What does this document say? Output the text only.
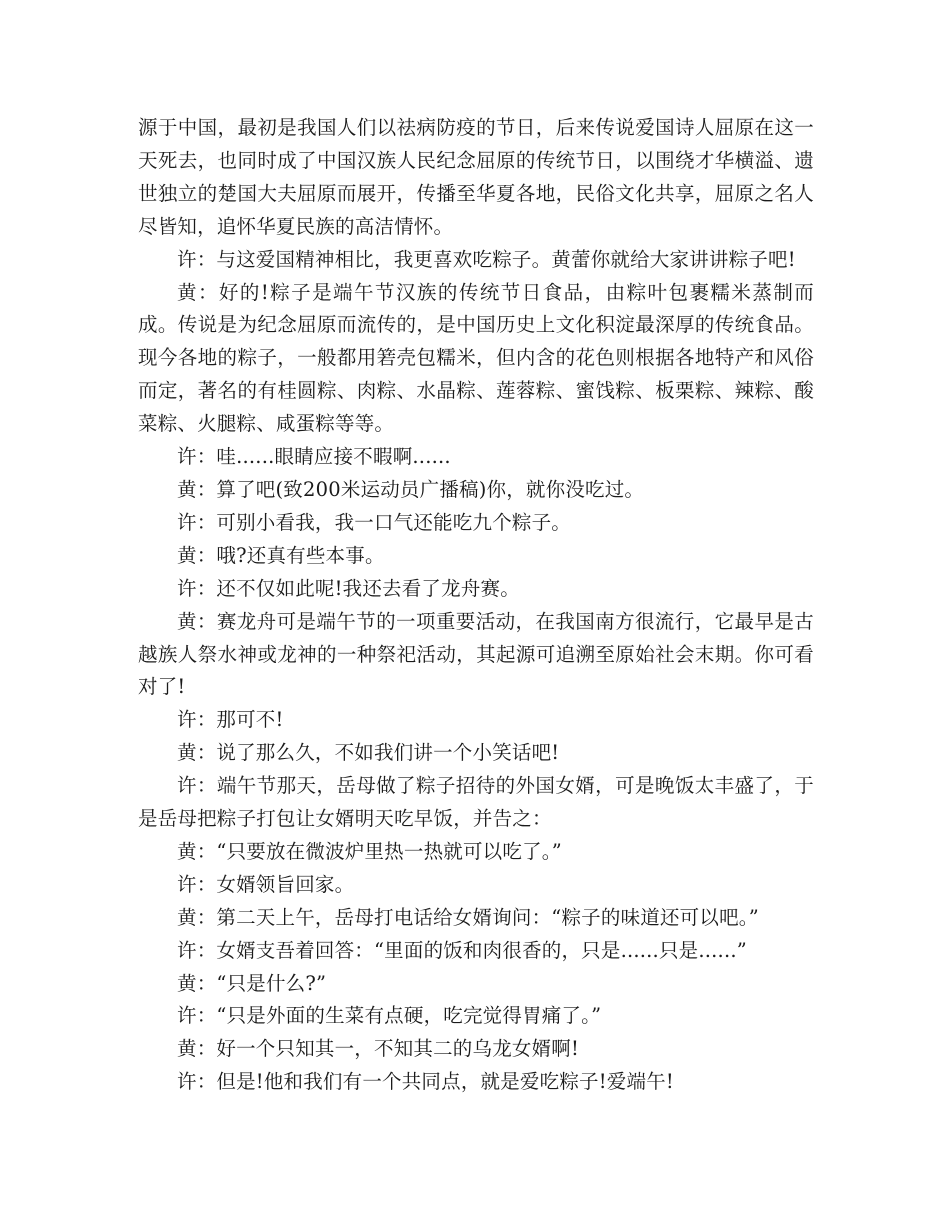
源于中国，最初是我国人们以祛病防疫的节日，后来传说爱国诗人屈原在这一天死去，也同时成了中国汉族人民纪念屈原的传统节日，以围绕才华横溢、遗世独立的楚国大夫屈原而展开，传播至华夏各地，民俗文化共享，屈原之名人尽皆知，追怀华夏民族的高洁情怀。

许：与这爱国精神相比，我更喜欢吃粽子。黄蕾你就给大家讲讲粽子吧!

黄：好的!粽子是端午节汉族的传统节日食品，由粽叶包裹糯米蒸制而成。传说是为纪念屈原而流传的，是中国历史上文化积淀最深厚的传统食品。现今各地的粽子，一般都用箬壳包糯米，但内含的花色则根据各地特产和风俗而定，著名的有桂圆粽、肉粽、水晶粽、莲蓉粽、蜜饯粽、板栗粽、辣粽、酸菜粽、火腿粽、咸蛋粽等等。

许：哇......眼睛应接不暇啊......

黄：算了吧(致200米运动员广播稿)你，就你没吃过。

许：可别小看我，我一口气还能吃九个粽子。

黄：哦?还真有些本事。

许：还不仅如此呢!我还去看了龙舟赛。

黄：赛龙舟可是端午节的一项重要活动，在我国南方很流行，它最早是古越族人祭水神或龙神的一种祭祀活动，其起源可追溯至原始社会末期。你可看对了!

许：那可不!

黄：说了那么久，不如我们讲一个小笑话吧!

许：端午节那天，岳母做了粽子招待的外国女婿，可是晚饭太丰盛了，于是岳母把粽子打包让女婿明天吃早饭，并告之：

黄：“只要放在微波炉里热一热就可以吃了。”

许：女婿领旨回家。

黄：第二天上午，岳母打电话给女婿询问：“粽子的味道还可以吧。”

许：女婿支吾着回答：“里面的饭和肉很香的，只是......只是......”

黄：“只是什么?”

许：“只是外面的生菜有点硬，吃完觉得胃痛了。”

黄：好一个只知其一，不知其二的乌龙女婿啊!

许：但是!他和我们有一个共同点，就是爱吃粽子!爱端午!
